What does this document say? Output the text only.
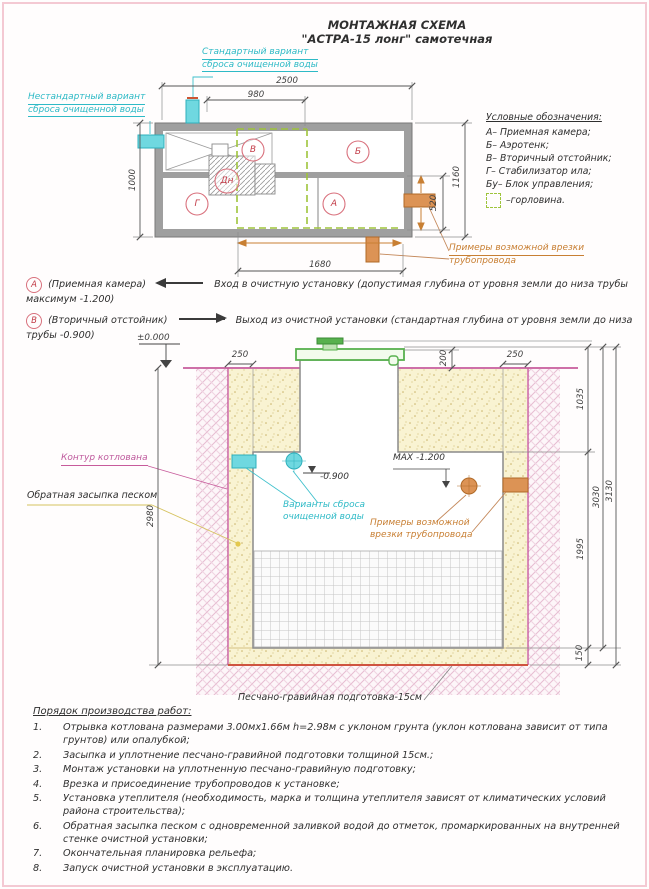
МОНТАЖНАЯ СХЕМА
"АСТРА-15 лонг" самотечная
Стандартный вариант
сброса очищенной воды
Нестандартный вариант
сброса очищенной воды
Примеры возможной врезки
трубопровода
2500
980
1000	1160
520
1680
В	Б
Г	А
Дн
Условные обозначения:
А– Приемная камера;
Б– Аэротенк;
В– Вторичный отстойник;
Г– Стабилизатор ила;
Бу– Блок управления;
–горловина.

А (Приемная камера)	Вход в очистную установку (допустимая глубина от уровня земли до низа трубы максимум -1.200)

В (Вторичный отстойник)	Выход из очистной установки (стандартная глубина от уровня земли до низа трубы -0.900)	±0.000
250	250
200
2980
1035
1995
150
3030 3130
-0.900
MAX -1.200
Контур котлована
Обратная засыпка песком
Варианты сброса
очищенной воды
Примеры возможной
врезки трубопровода
Песчано-гравийная подготовка-15см
Порядок производства работ:
Отрывка котлована размерами 3.00мх1.66м h=2.98м с уклоном грунта (уклон котлована зависит от типа грунтов) или опалубкой;
Засыпка и уплотнение песчано-гравийной подготовки толщиной 15см.;
Монтаж установки на уплотненную песчано-гравийную подготовку;
Врезка и присоединение трубопроводов к установке;
Установка утеплителя (необходимость, марка и толщина утеплителя зависят от климатических условий района строительства);
Обратная засыпка песком с одновременной заливкой водой до отметок, промаркированных на внутренней стенке очистной установки;
Окончательная планировка рельефа;
Запуск очистной установки в эксплуатацию.
